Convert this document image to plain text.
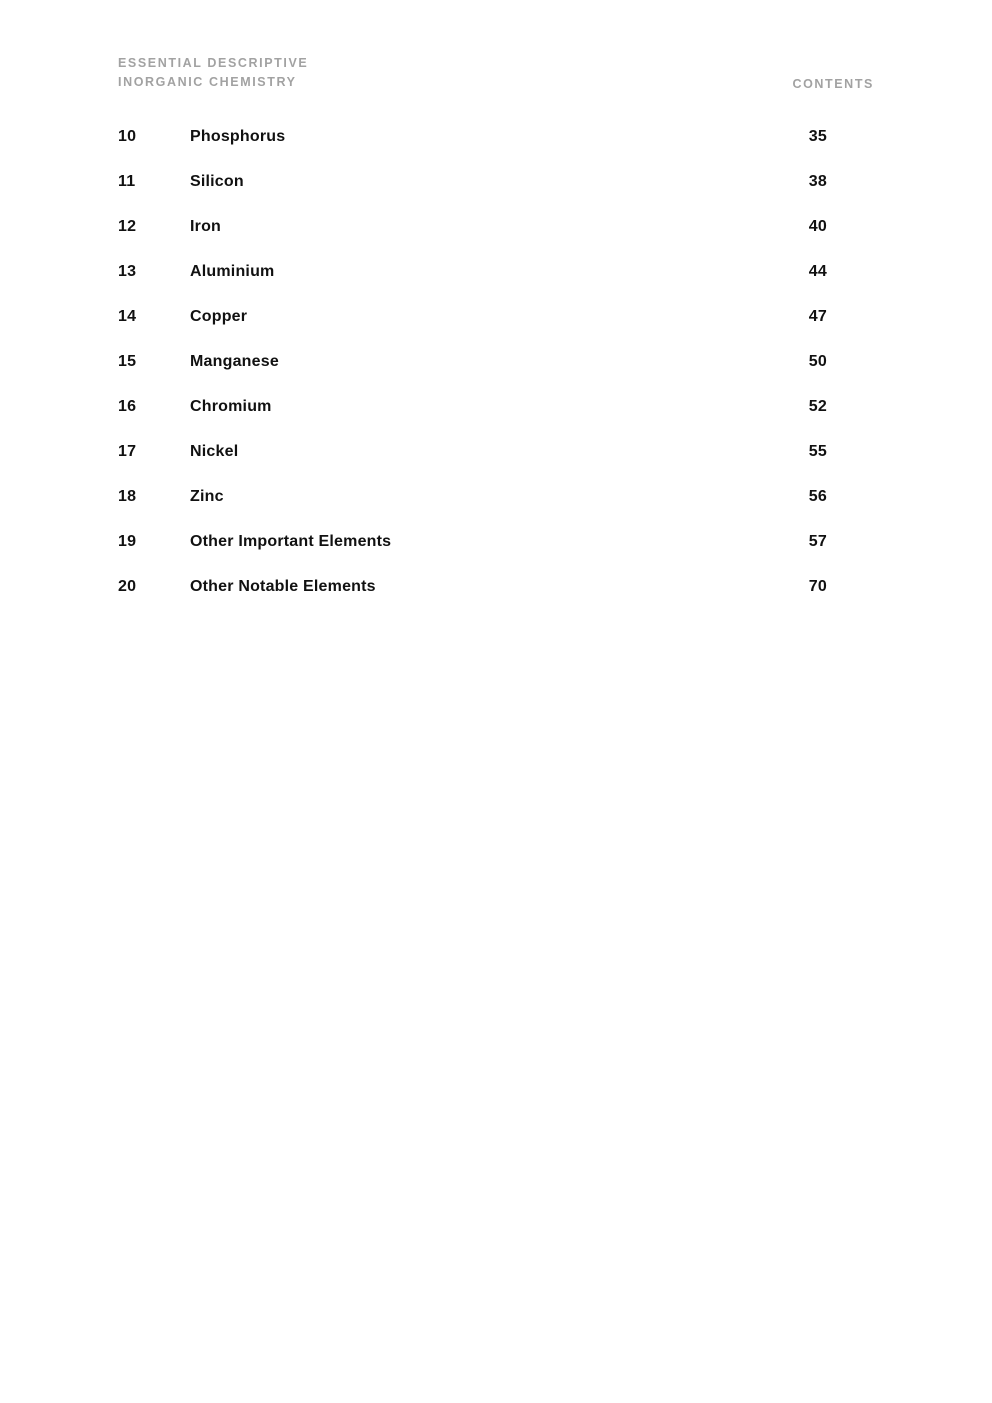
ESSENTIAL DESCRIPTIVE
INORGANIC CHEMISTRY	CONTENTS
10	Phosphorus	35
11	Silicon	38
12	Iron	40
13	Aluminium	44
14	Copper	47
15	Manganese	50
16	Chromium	52
17	Nickel	55
18	Zinc	56
19	Other Important Elements	57
20	Other Notable Elements	70
